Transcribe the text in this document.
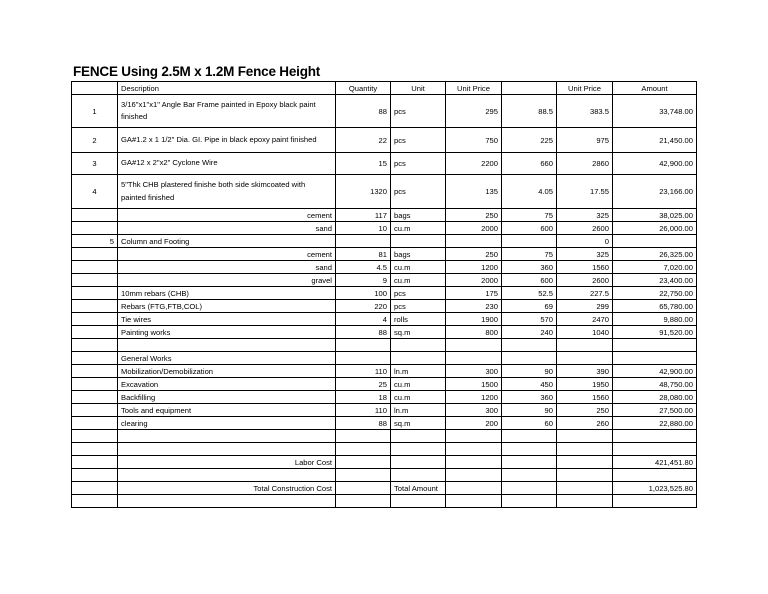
FENCE Using 2.5M x 1.2M Fence Height
	Description	Quantity	Unit	Unit Price		Unit Price	Amount
1	3/16"x1"x1" Angle Bar Frame painted in Epoxy black paint finished	88	pcs	295	88.5	383.5	33,748.00
2	GA#1.2 x 1 1/2" Dia. GI. Pipe in black epoxy paint finished	22	pcs	750	225	975	21,450.00
3	GA#12 x 2"x2" Cyclone Wire	15	pcs	2200	660	2860	42,900.00
4	5"Thk CHB plastered finishe both side skimcoated with painted finished	1320	pcs	135	4.05	17.55	23,166.00
	cement	117	bags	250	75	325	38,025.00
	sand	10	cu.m	2000	600	2600	26,000.00
5	Column and Footing					0	
	cement	81	bags	250	75	325	26,325.00
	sand	4.5	cu.m	1200	360	1560	7,020.00
	gravel	9	cu.m	2000	600	2600	23,400.00
	10mm rebars (CHB)	100	pcs	175	52.5	227.5	22,750.00
	Rebars (FTG,FTB,COL)	220	pcs	230	69	299	65,780.00
	Tie wires	4	rolls	1900	570	2470	9,880.00
	Painting works	88	sq.m	800	240	1040	91,520.00

	General Works						
	Mobilization/Demobilization	110	ln.m	300	90	390	42,900.00
	Excavation	25	cu.m	1500	450	1950	48,750.00
	Backfilling	18	cu.m	1200	360	1560	28,080.00
	Tools and equipment	110	ln.m	300	90	250	27,500.00
	clearing	88	sq.m	200	60	260	22,880.00

	Labor Cost						421,451.80

	Total Construction Cost		Total Amount				1,023,525.80
